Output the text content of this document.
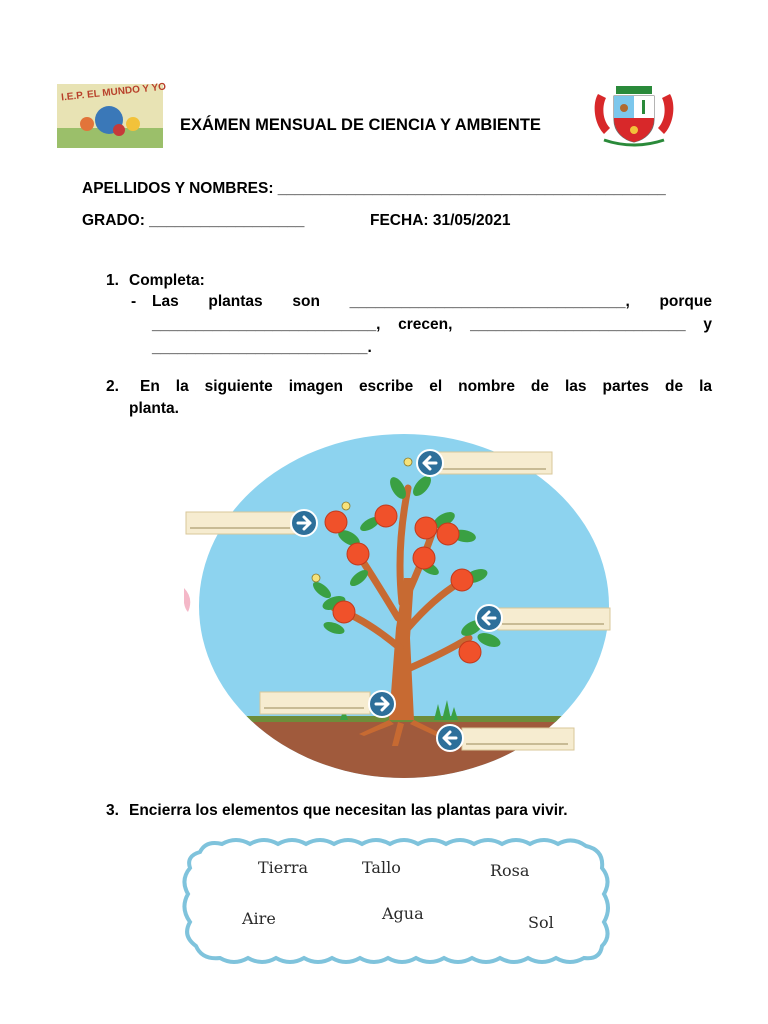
I.E.P. EL MUNDO Y YO
EXÁMEN MENSUAL DE CIENCIA Y AMBIENTE
APELLIDOS Y NOMBRES: _____________________________________________
GRADO: __________________	FECHA: 31/05/2021
1. Completa:
- Las plantas son ________________________________, porque
__________________________, crecen, _________________________ y
_________________________.
2. En la siguiente imagen escribe el nombre de las partes de la
planta.
3. Encierra los elementos que necesitan las plantas para vivir.
Tierra	Tallo	Rosa
Aire	Agua	Sol
